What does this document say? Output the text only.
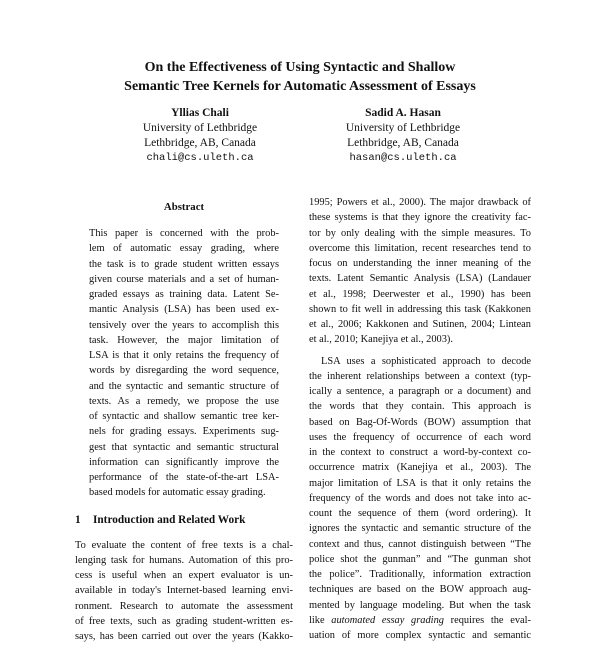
On the Effectiveness of Using Syntactic and Shallow
Semantic Tree Kernels for Automatic Assessment of Essays
Yllias Chali
University of Lethbridge
Lethbridge, AB, Canada
chali@cs.uleth.ca
Sadid A. Hasan
University of Lethbridge
Lethbridge, AB, Canada
hasan@cs.uleth.ca
Abstract
This paper is concerned with the prob-
lem of automatic essay grading, where
the task is to grade student written essays
given course materials and a set of human-
graded essays as training data. Latent Se-
mantic Analysis (LSA) has been used ex-
tensively over the years to accomplish this
task. However, the major limitation of
LSA is that it only retains the frequency of
words by disregarding the word sequence,
and the syntactic and semantic structure of
texts. As a remedy, we propose the use
of syntactic and shallow semantic tree ker-
nels for grading essays. Experiments sug-
gest that syntactic and semantic structural
information can significantly improve the
performance of the state-of-the-art LSA-
based models for automatic essay grading.
1 Introduction and Related Work
To evaluate the content of free texts is a chal-
lenging task for humans. Automation of this pro-
cess is useful when an expert evaluator is un-
available in today's Internet-based learning envi-
ronment. Research to automate the assessment
of free texts, such as grading student-written es-
says, has been carried out over the years (Kakko-
1995; Powers et al., 2000). The major drawback of
these systems is that they ignore the creativity fac-
tor by only dealing with the simple measures. To
overcome this limitation, recent researches tend to
focus on understanding the inner meaning of the
texts. Latent Semantic Analysis (LSA) (Landauer
et al., 1998; Deerwester et al., 1990) has been
shown to fit well in addressing this task (Kakkonen
et al., 2006; Kakkonen and Sutinen, 2004; Lintean
et al., 2010; Kanejiya et al., 2003).
LSA uses a sophisticated approach to decode
the inherent relationships between a context (typ-
ically a sentence, a paragraph or a document) and
the words that they contain. This approach is
based on Bag-Of-Words (BOW) assumption that
uses the frequency of occurrence of each word
in the context to construct a word-by-context co-
occurrence matrix (Kanejiya et al., 2003). The
major limitation of LSA is that it only retains the
frequency of the words and does not take into ac-
count the sequence of them (word ordering). It
ignores the syntactic and semantic structure of the
context and thus, cannot distinguish between “The
police shot the gunman” and “The gunman shot
the police”. Traditionally, information extraction
techniques are based on the BOW approach aug-
mented by language modeling. But when the task
like automated essay grading requires the eval-
uation of more complex syntactic and semantic
